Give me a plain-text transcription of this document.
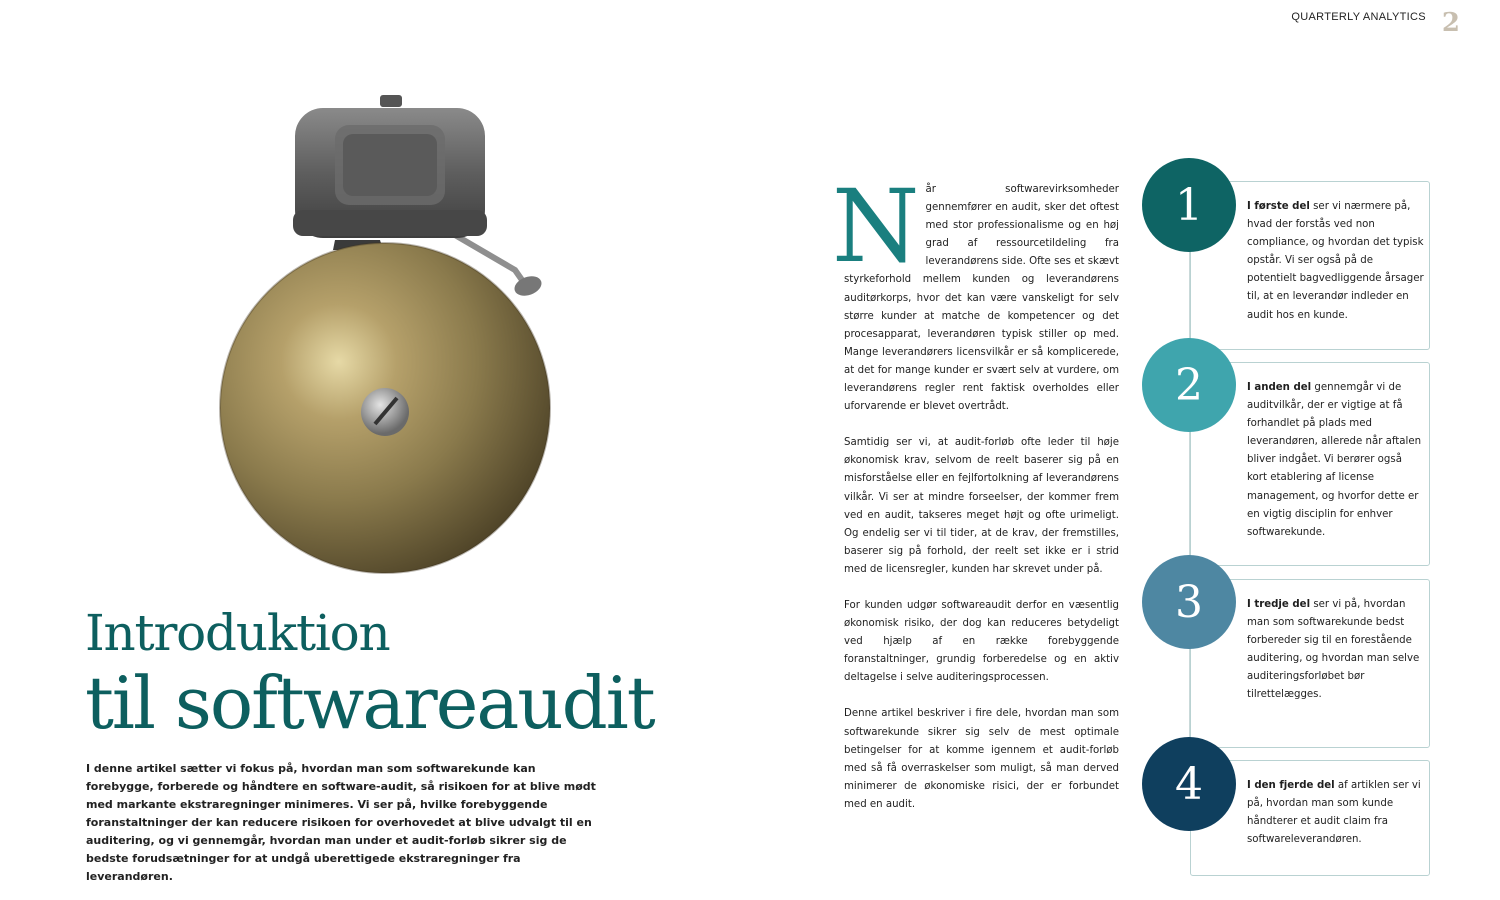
QUARTERLY ANALYTICS 2
Introduktion
til softwareaudit
I denne artikel sætter vi fokus på, hvordan man som softwarekunde kan forebygge, forberede og håndtere en software-audit, så risikoen for at blive mødt med markante ekstraregninger minimeres. Vi ser på, hvilke forebyggende foranstaltninger der kan reducere risikoen for overhovedet at blive udvalgt til en auditering, og vi gennemgår, hvordan man under et audit-forløb sikrer sig de bedste forudsætninger for at undgå uberettigede ekstraregninger fra leverandøren.

Når softwarevirksomheder gennemfører en audit, sker det oftest med stor professionalisme og en høj grad af ressourcetildeling fra leverandørens side. Ofte ses et skævt styrkeforhold mellem kunden og leverandørens auditørkorps, hvor det kan være vanskeligt for selv større kunder at matche de kompetencer og det procesapparat, leverandøren typisk stiller op med. Mange leverandørers licensvilkår er så komplicerede, at det for mange kunder er svært selv at vurdere, om leverandørens regler rent faktisk overholdes eller uforvarende er blevet overtrådt.

Samtidig ser vi, at audit-forløb ofte leder til høje økonomisk krav, selvom de reelt baserer sig på en misforståelse eller en fejlfortolkning af leverandørens vilkår. Vi ser at mindre forseelser, der kommer frem ved en audit, takseres meget højt og ofte urimeligt. Og endelig ser vi til tider, at de krav, der fremstilles, baserer sig på forhold, der reelt set ikke er i strid med de licensregler, kunden har skrevet under på.

For kunden udgør softwareaudit derfor en væsentlig økonomisk risiko, der dog kan reduceres betydeligt ved hjælp af en række forebyggende foranstaltninger, grundig forberedelse og en aktiv deltagelse i selve auditeringsprocessen.

Denne artikel beskriver i fire dele, hvordan man som softwarekunde sikrer sig selv de mest optimale betingelser for at komme igennem et audit-forløb med så få overraskelser som muligt, så man derved minimerer de økonomiske risici, der er forbundet med en audit.

I første del ser vi nærmere på, hvad der forstås ved non compliance, og hvordan det typisk opstår. Vi ser også på de potentielt bagvedliggende årsager til, at en leverandør indleder en audit hos en kunde.
I anden del gennemgår vi de auditvilkår, der er vigtige at få forhandlet på plads med leverandøren, allerede når aftalen bliver indgået. Vi berører også kort etablering af license management, og hvorfor dette er en vigtig disciplin for enhver softwarekunde.
I tredje del ser vi på, hvordan man som softwarekunde bedst forbereder sig til en forestående auditering, og hvordan man selve auditeringsforløbet bør tilrettelægges.
I den fjerde del af artiklen ser vi på, hvordan man som kunde håndterer et audit claim fra softwareleverandøren.
1
2
3
4
